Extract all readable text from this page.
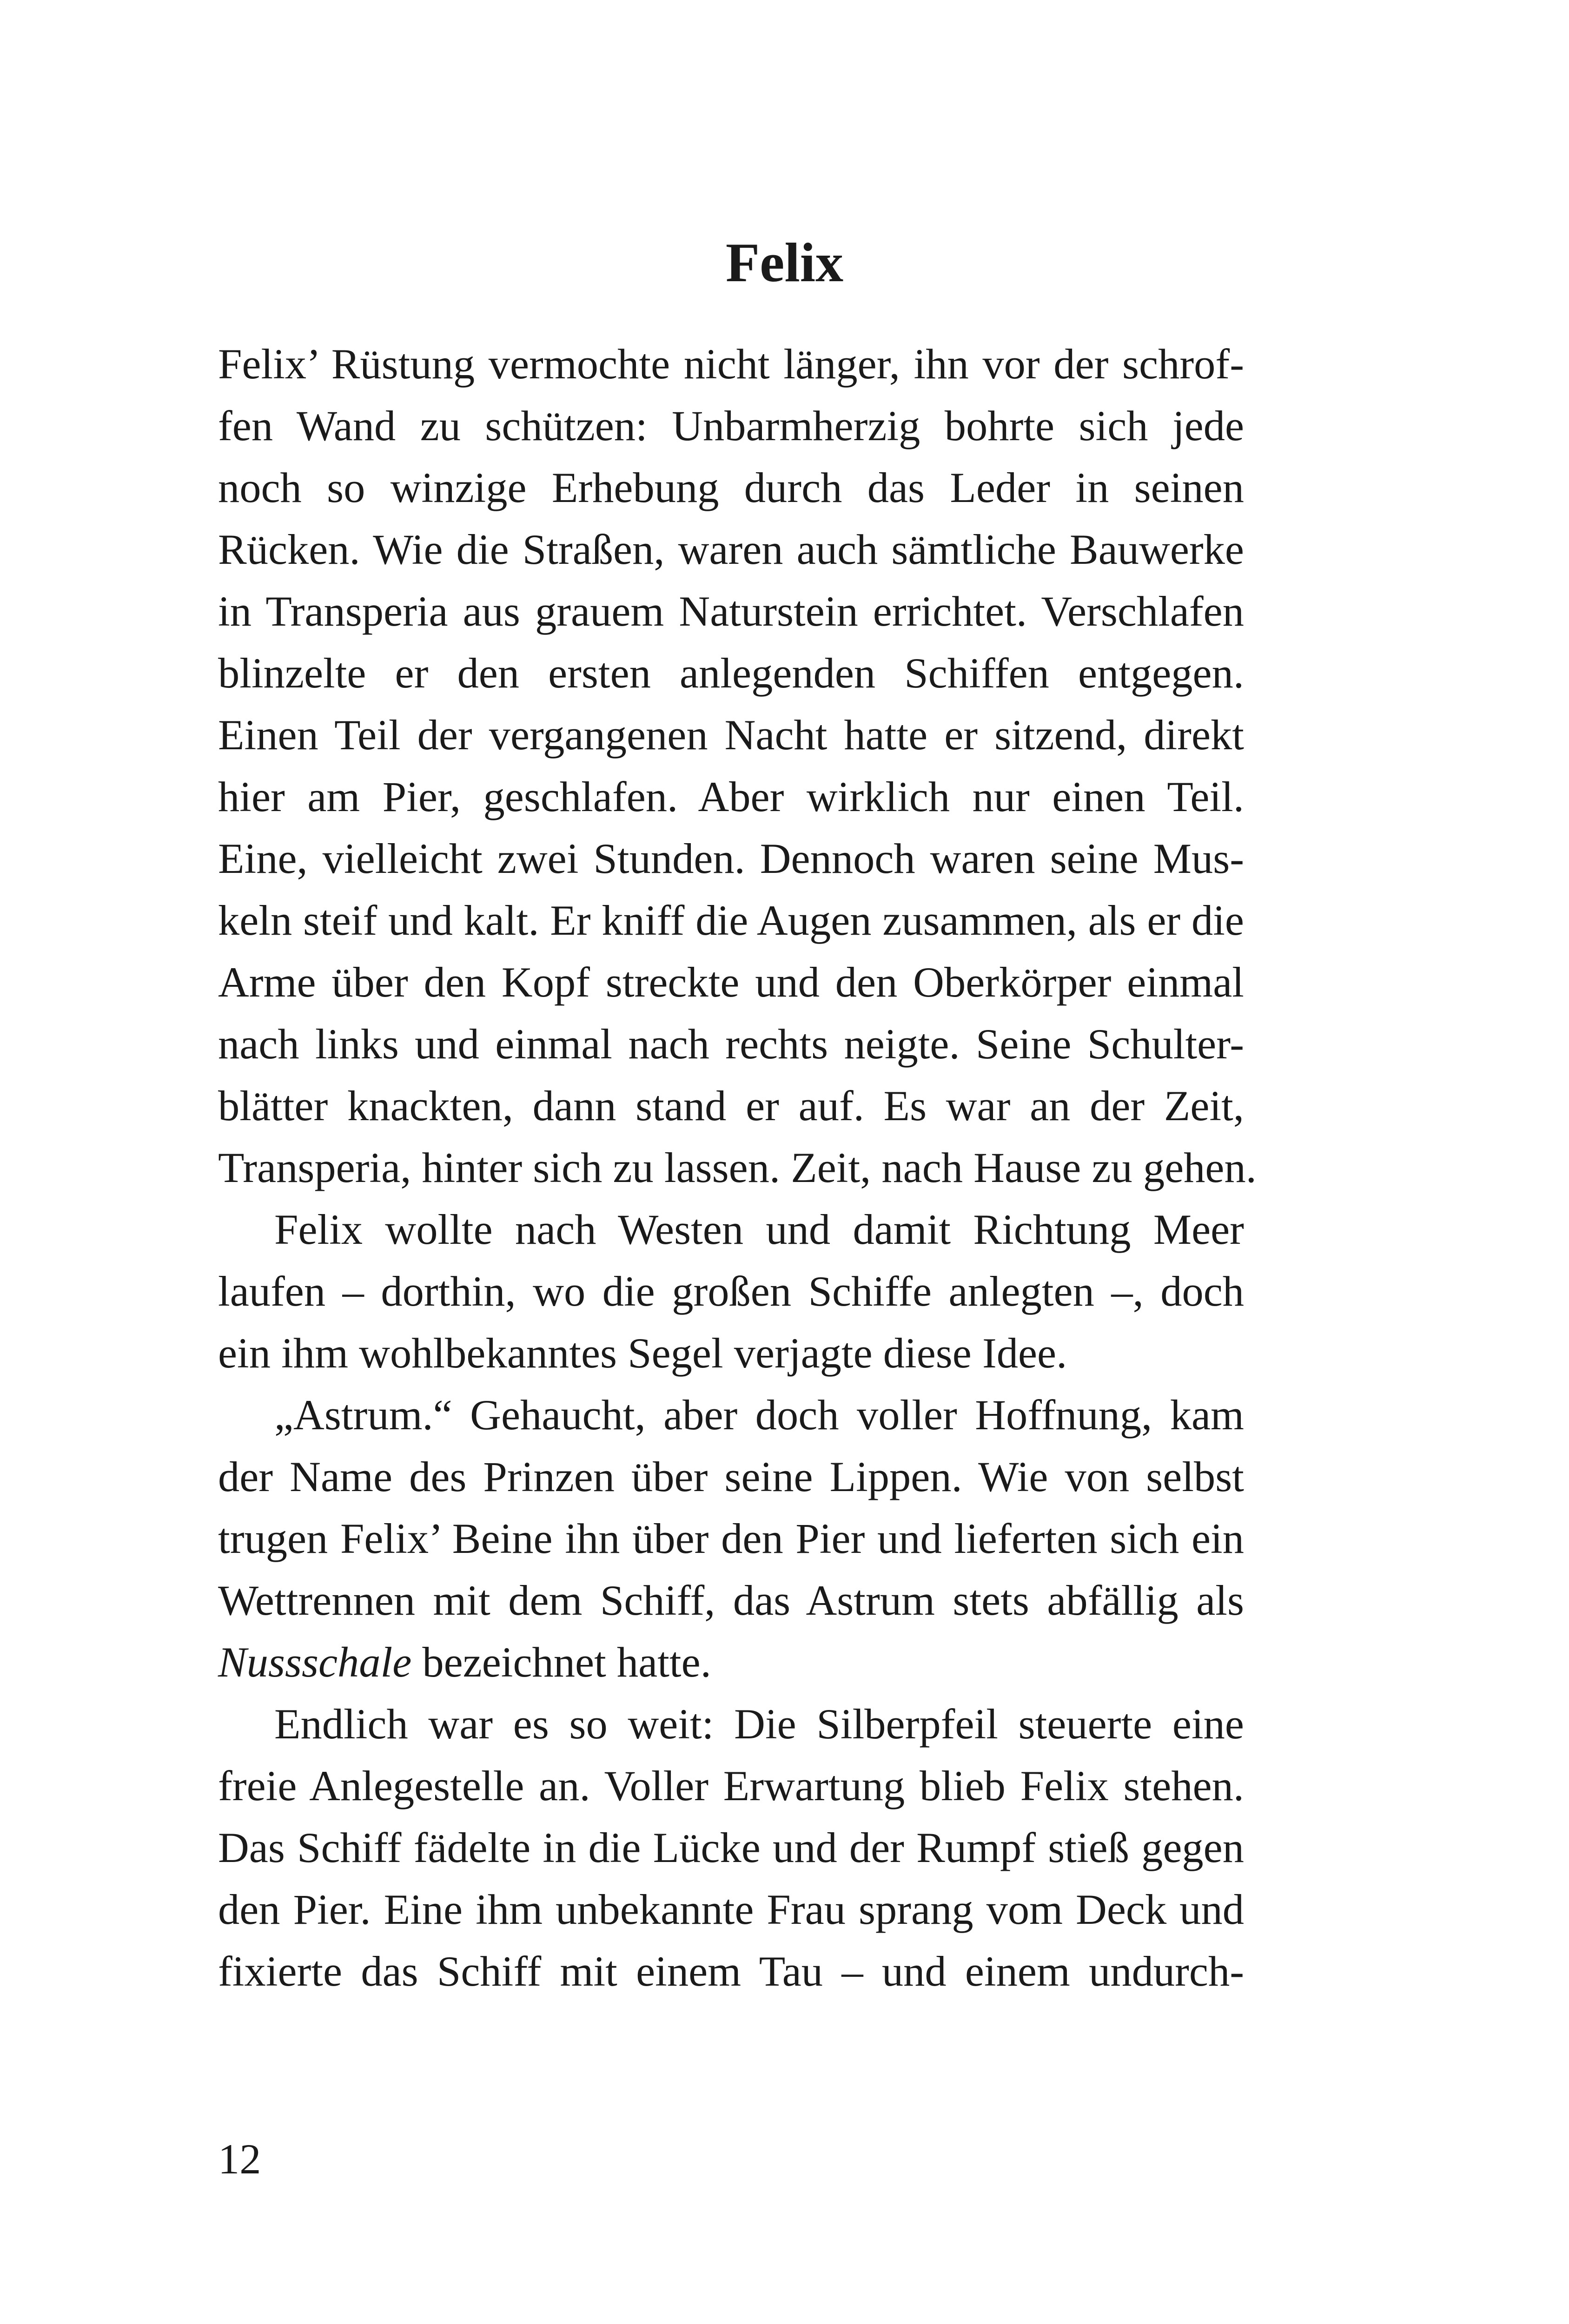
Felix
Felix’ Rüstung vermochte nicht länger, ihn vor der schrof-
fen Wand zu schützen: Unbarmherzig bohrte sich jede
noch so winzige Erhebung durch das Leder in seinen
Rücken. Wie die Straßen, waren auch sämtliche Bauwerke
in Transperia aus grauem Naturstein errichtet. Verschlafen
blinzelte er den ersten anlegenden Schiffen entgegen.
Einen Teil der vergangenen Nacht hatte er sitzend, direkt
hier am Pier, geschlafen. Aber wirklich nur einen Teil.
Eine, vielleicht zwei Stunden. Dennoch waren seine Mus-
keln steif und kalt. Er kniff die Augen zusammen, als er die
Arme über den Kopf streckte und den Oberkörper einmal
nach links und einmal nach rechts neigte. Seine Schulter-
blätter knackten, dann stand er auf. Es war an der Zeit,
Transperia, hinter sich zu lassen. Zeit, nach Hause zu gehen.
Felix wollte nach Westen und damit Richtung Meer
laufen – dorthin, wo die großen Schiffe anlegten –, doch
ein ihm wohlbekanntes Segel verjagte diese Idee.
„Astrum.“ Gehaucht, aber doch voller Hoffnung, kam
der Name des Prinzen über seine Lippen. Wie von selbst
trugen Felix’ Beine ihn über den Pier und lieferten sich ein
Wettrennen mit dem Schiff, das Astrum stets abfällig als
Nussschale bezeichnet hatte.
Endlich war es so weit: Die Silberpfeil steuerte eine
freie Anlegestelle an. Voller Erwartung blieb Felix stehen.
Das Schiff fädelte in die Lücke und der Rumpf stieß gegen
den Pier. Eine ihm unbekannte Frau sprang vom Deck und
fixierte das Schiff mit einem Tau – und einem undurch-
12
